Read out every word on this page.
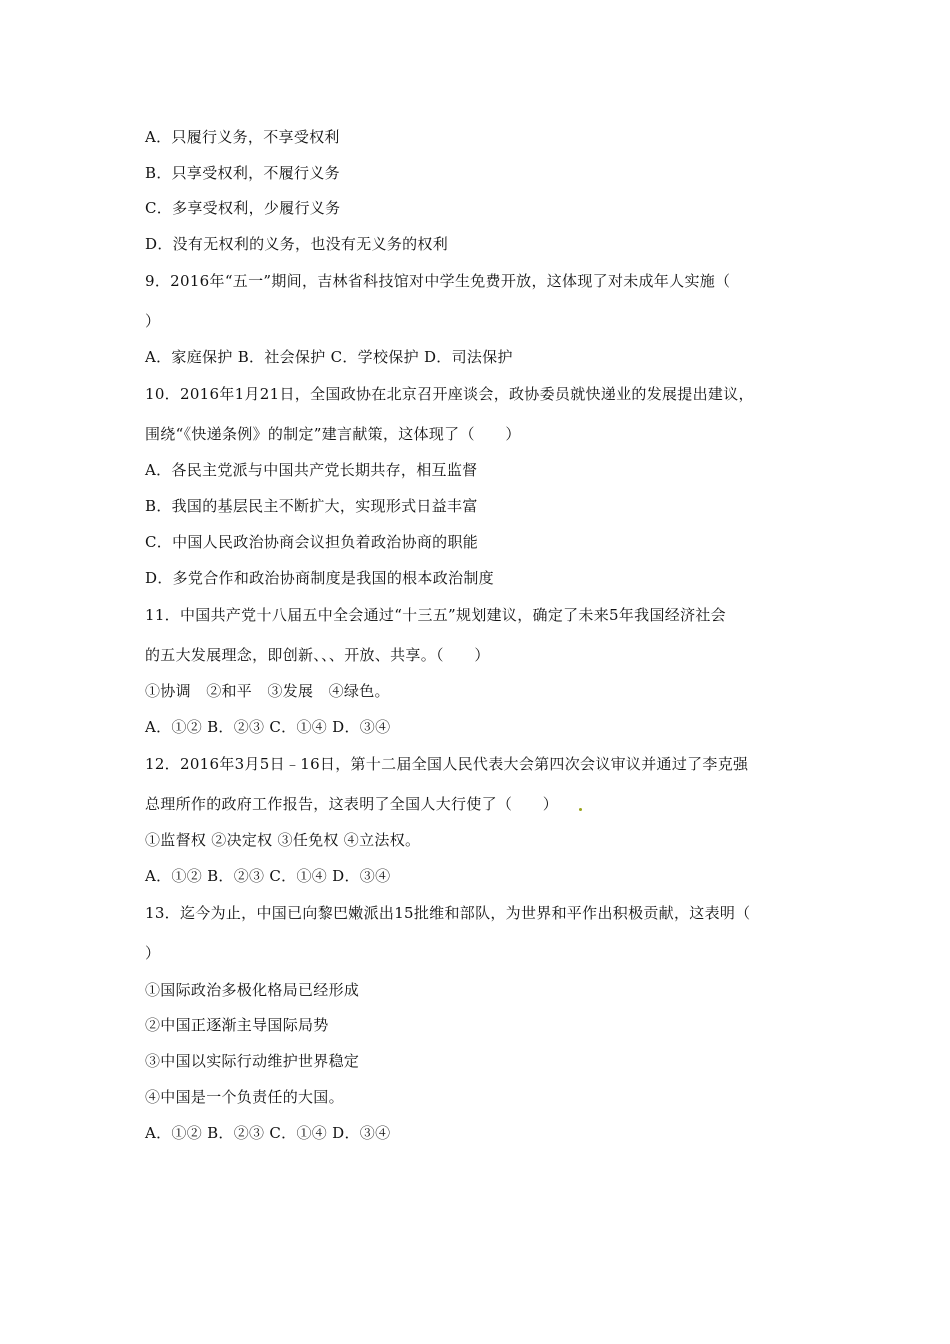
A．只履行义务，不享受权利
B．只享受权利，不履行义务
C．多享受权利，少履行义务
D．没有无权利的义务，也没有无义务的权利
9．2016年“五一”期间，吉林省科技馆对中学生免费开放，这体现了对未成年人实施（
）
A．家庭保护 B．社会保护 C．学校保护 D．司法保护
10．2016年1月21日，全国政协在北京召开座谈会，政协委员就快递业的发展提出建议，
围绕“《快递条例》的制定”建言献策，这体现了（　　）
A．各民主党派与中国共产党长期共存，相互监督
B．我国的基层民主不断扩大，实现形式日益丰富
C．中国人民政治协商会议担负着政治协商的职能
D．多党合作和政治协商制度是我国的根本政治制度
11．中国共产党十八届五中全会通过“十三五”规划建议，确定了未来5年我国经济社会
的五大发展理念，即创新、、、开放、共享。（　　）
①协调　②和平　③发展　④绿色。
A．①② B．②③ C．①④ D．③④
12．2016年3月5日﹣16日，第十二届全国人民代表大会第四次会议审议并通过了李克强
总理所作的政府工作报告，这表明了全国人大行使了（　　）
①监督权 ②决定权 ③任免权 ④立法权。
A．①② B．②③ C．①④ D．③④
13．迄今为止，中国已向黎巴嫩派出15批维和部队，为世界和平作出积极贡献，这表明（
）
①国际政治多极化格局已经形成
②中国正逐渐主导国际局势
③中国以实际行动维护世界稳定
④中国是一个负责任的大国。
A．①② B．②③ C．①④ D．③④
